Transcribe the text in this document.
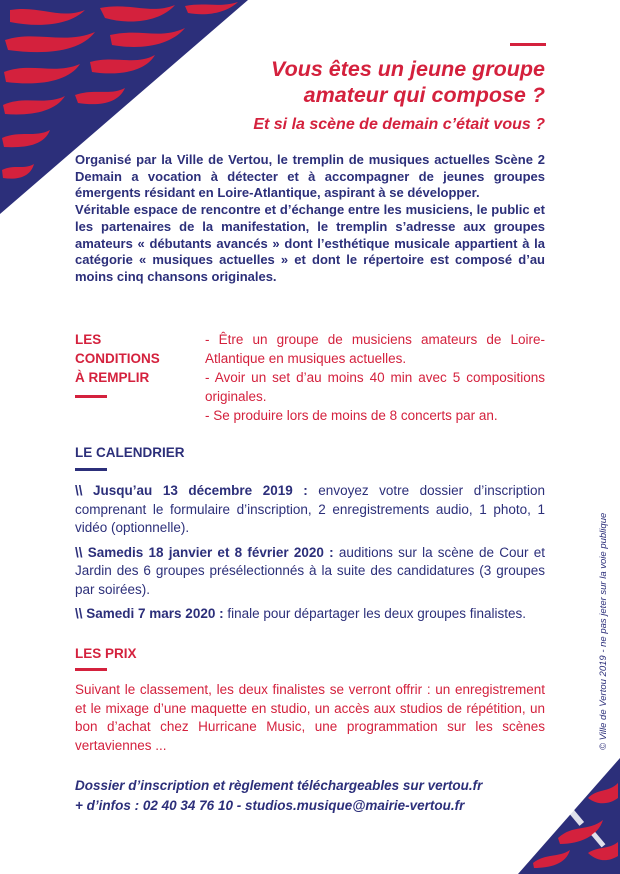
© Ville de Vertou 2019 - ne pas jeter sur la voie publique
Vous êtes un jeune groupe
amateur qui compose ?
Et si la scène de demain c’était vous ?

Organisé par la Ville de Vertou, le tremplin de musiques actuelles Scène 2 Demain a vocation à détecter et à accompagner de jeunes groupes émergents résidant en Loire-Atlantique, aspirant à se développer.

Véritable espace de rencontre et d’échange entre les musiciens, le public et les partenaires de la manifestation, le tremplin s’adresse aux groupes amateurs « débutants avancés » dont l’esthétique musicale appartient à la catégorie « musiques actuelles » et dont le répertoire est composé d’au moins cinq chansons originales.

LES
CONDITIONS
À REMPLIR
- Être un groupe de musiciens amateurs de Loire- Atlantique en musiques actuelles.
- Avoir un set d’au moins 40 min avec 5 compositions originales.
- Se produire lors de moins de 8 concerts par an.
LE CALENDRIER
\\ Jusqu’au 13 décembre 2019 : envoyez votre dossier d’inscription comprenant le formulaire d’inscription, 2 enregistrements audio, 1 photo, 1 vidéo (optionnelle).
\\ Samedis 18 janvier et 8 février 2020 : auditions sur la scène de Cour et Jardin des 6 groupes présélectionnés à la suite des candidatures (3 groupes par soirées).
\\ Samedi 7 mars 2020 : finale pour départager les deux groupes finalistes.
LES PRIX
Suivant le classement, les deux finalistes se verront offrir : un enregistrement et le mixage d’une maquette en studio, un accès aux studios de répétition, un bon d’achat chez Hurricane Music, une programmation sur les scènes vertaviennes ...
Dossier d’inscription et règlement téléchargeables sur vertou.fr
+ d’infos : 02 40 34 76 10 - studios.musique@mairie-vertou.fr
